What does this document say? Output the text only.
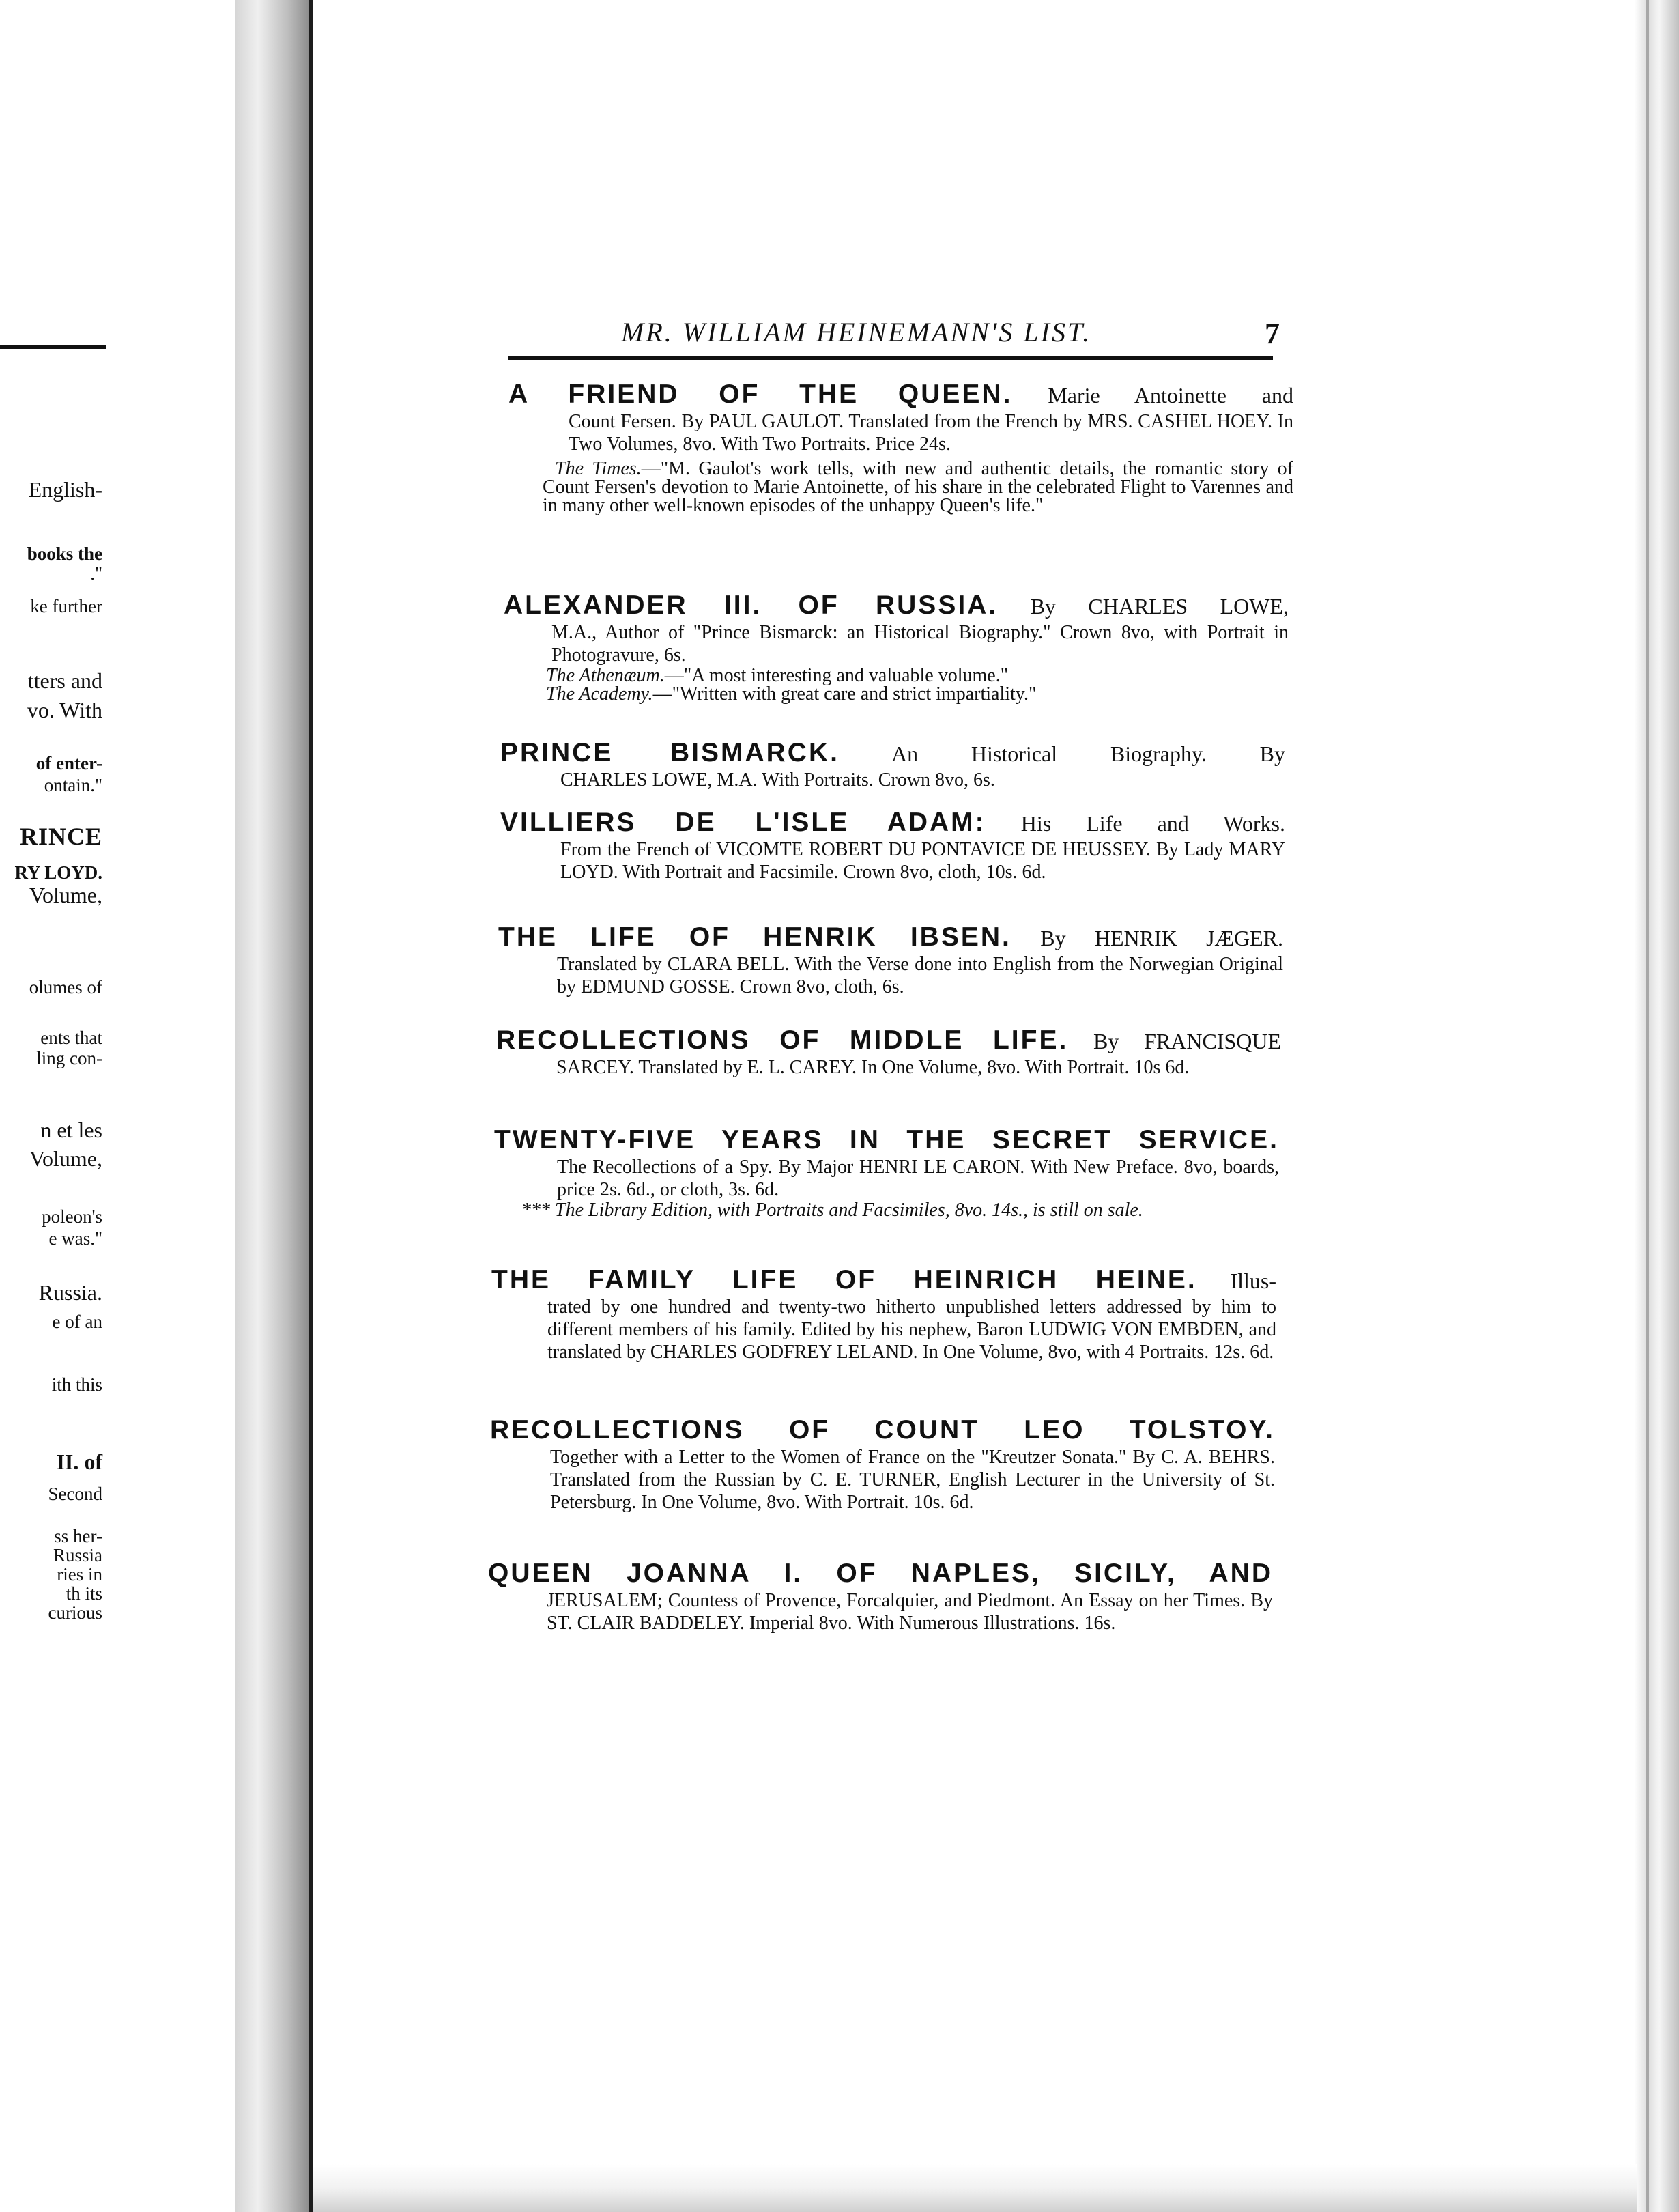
English-
books the
."
ke further
tters and
vo. With
of enter-
ontain."
RINCE
RY LOYD.
Volume,
olumes of
ents that
ling con-
n et les
Volume,
poleon's
e was."
Russia.
e of an
ith this
II. of
Second
ss her-
Russia
ries in
th its
curious
MR. WILLIAM HEINEMANN'S LIST.	7
A FRIEND OF THE QUEEN. Marie Antoinette and
Count Fersen. By PAUL GAULOT. Translated from the French by MRS. CASHEL HOEY. In Two Volumes, 8vo. With Two Portraits. Price 24s.
The Times.—"M. Gaulot's work tells, with new and authentic details, the romantic story of Count Fersen's devotion to Marie Antoinette, of his share in the celebrated Flight to Varennes and in many other well-known episodes of the unhappy Queen's life."
ALEXANDER III. OF RUSSIA. By CHARLES LOWE,
M.A., Author of "Prince Bismarck: an Historical Biography." Crown 8vo, with Portrait in Photogravure, 6s.
The Athenæum.—"A most interesting and valuable volume."
The Academy.—"Written with great care and strict impartiality."
PRINCE BISMARCK. An Historical Biography. By
CHARLES LOWE, M.A. With Portraits. Crown 8vo, 6s.
VILLIERS DE L'ISLE ADAM: His Life and Works.
From the French of VICOMTE ROBERT DU PONTAVICE DE HEUSSEY. By Lady MARY LOYD. With Portrait and Facsimile. Crown 8vo, cloth, 10s. 6d.
THE LIFE OF HENRIK IBSEN. By HENRIK JÆGER.
Translated by CLARA BELL. With the Verse done into English from the Norwegian Original by EDMUND GOSSE. Crown 8vo, cloth, 6s.
RECOLLECTIONS OF MIDDLE LIFE. By FRANCISQUE
SARCEY. Translated by E. L. CAREY. In One Volume, 8vo. With Portrait. 10s 6d.
TWENTY-FIVE YEARS IN THE SECRET SERVICE.
The Recollections of a Spy. By Major HENRI LE CARON. With New Preface. 8vo, boards, price 2s. 6d., or cloth, 3s. 6d.
*** The Library Edition, with Portraits and Facsimiles, 8vo. 14s., is still on sale.
THE FAMILY LIFE OF HEINRICH HEINE. Illus-
trated by one hundred and twenty-two hitherto unpublished letters addressed by him to different members of his family. Edited by his nephew, Baron LUDWIG VON EMBDEN, and translated by CHARLES GODFREY LELAND. In One Volume, 8vo, with 4 Portraits. 12s. 6d.
RECOLLECTIONS OF COUNT LEO TOLSTOY.
Together with a Letter to the Women of France on the "Kreutzer Sonata." By C. A. BEHRS. Translated from the Russian by C. E. TURNER, English Lecturer in the University of St. Petersburg. In One Volume, 8vo. With Portrait. 10s. 6d.
QUEEN JOANNA I. OF NAPLES, SICILY, AND
JERUSALEM; Countess of Provence, Forcalquier, and Piedmont. An Essay on her Times. By ST. CLAIR BADDELEY. Imperial 8vo. With Numerous Illustrations. 16s.
